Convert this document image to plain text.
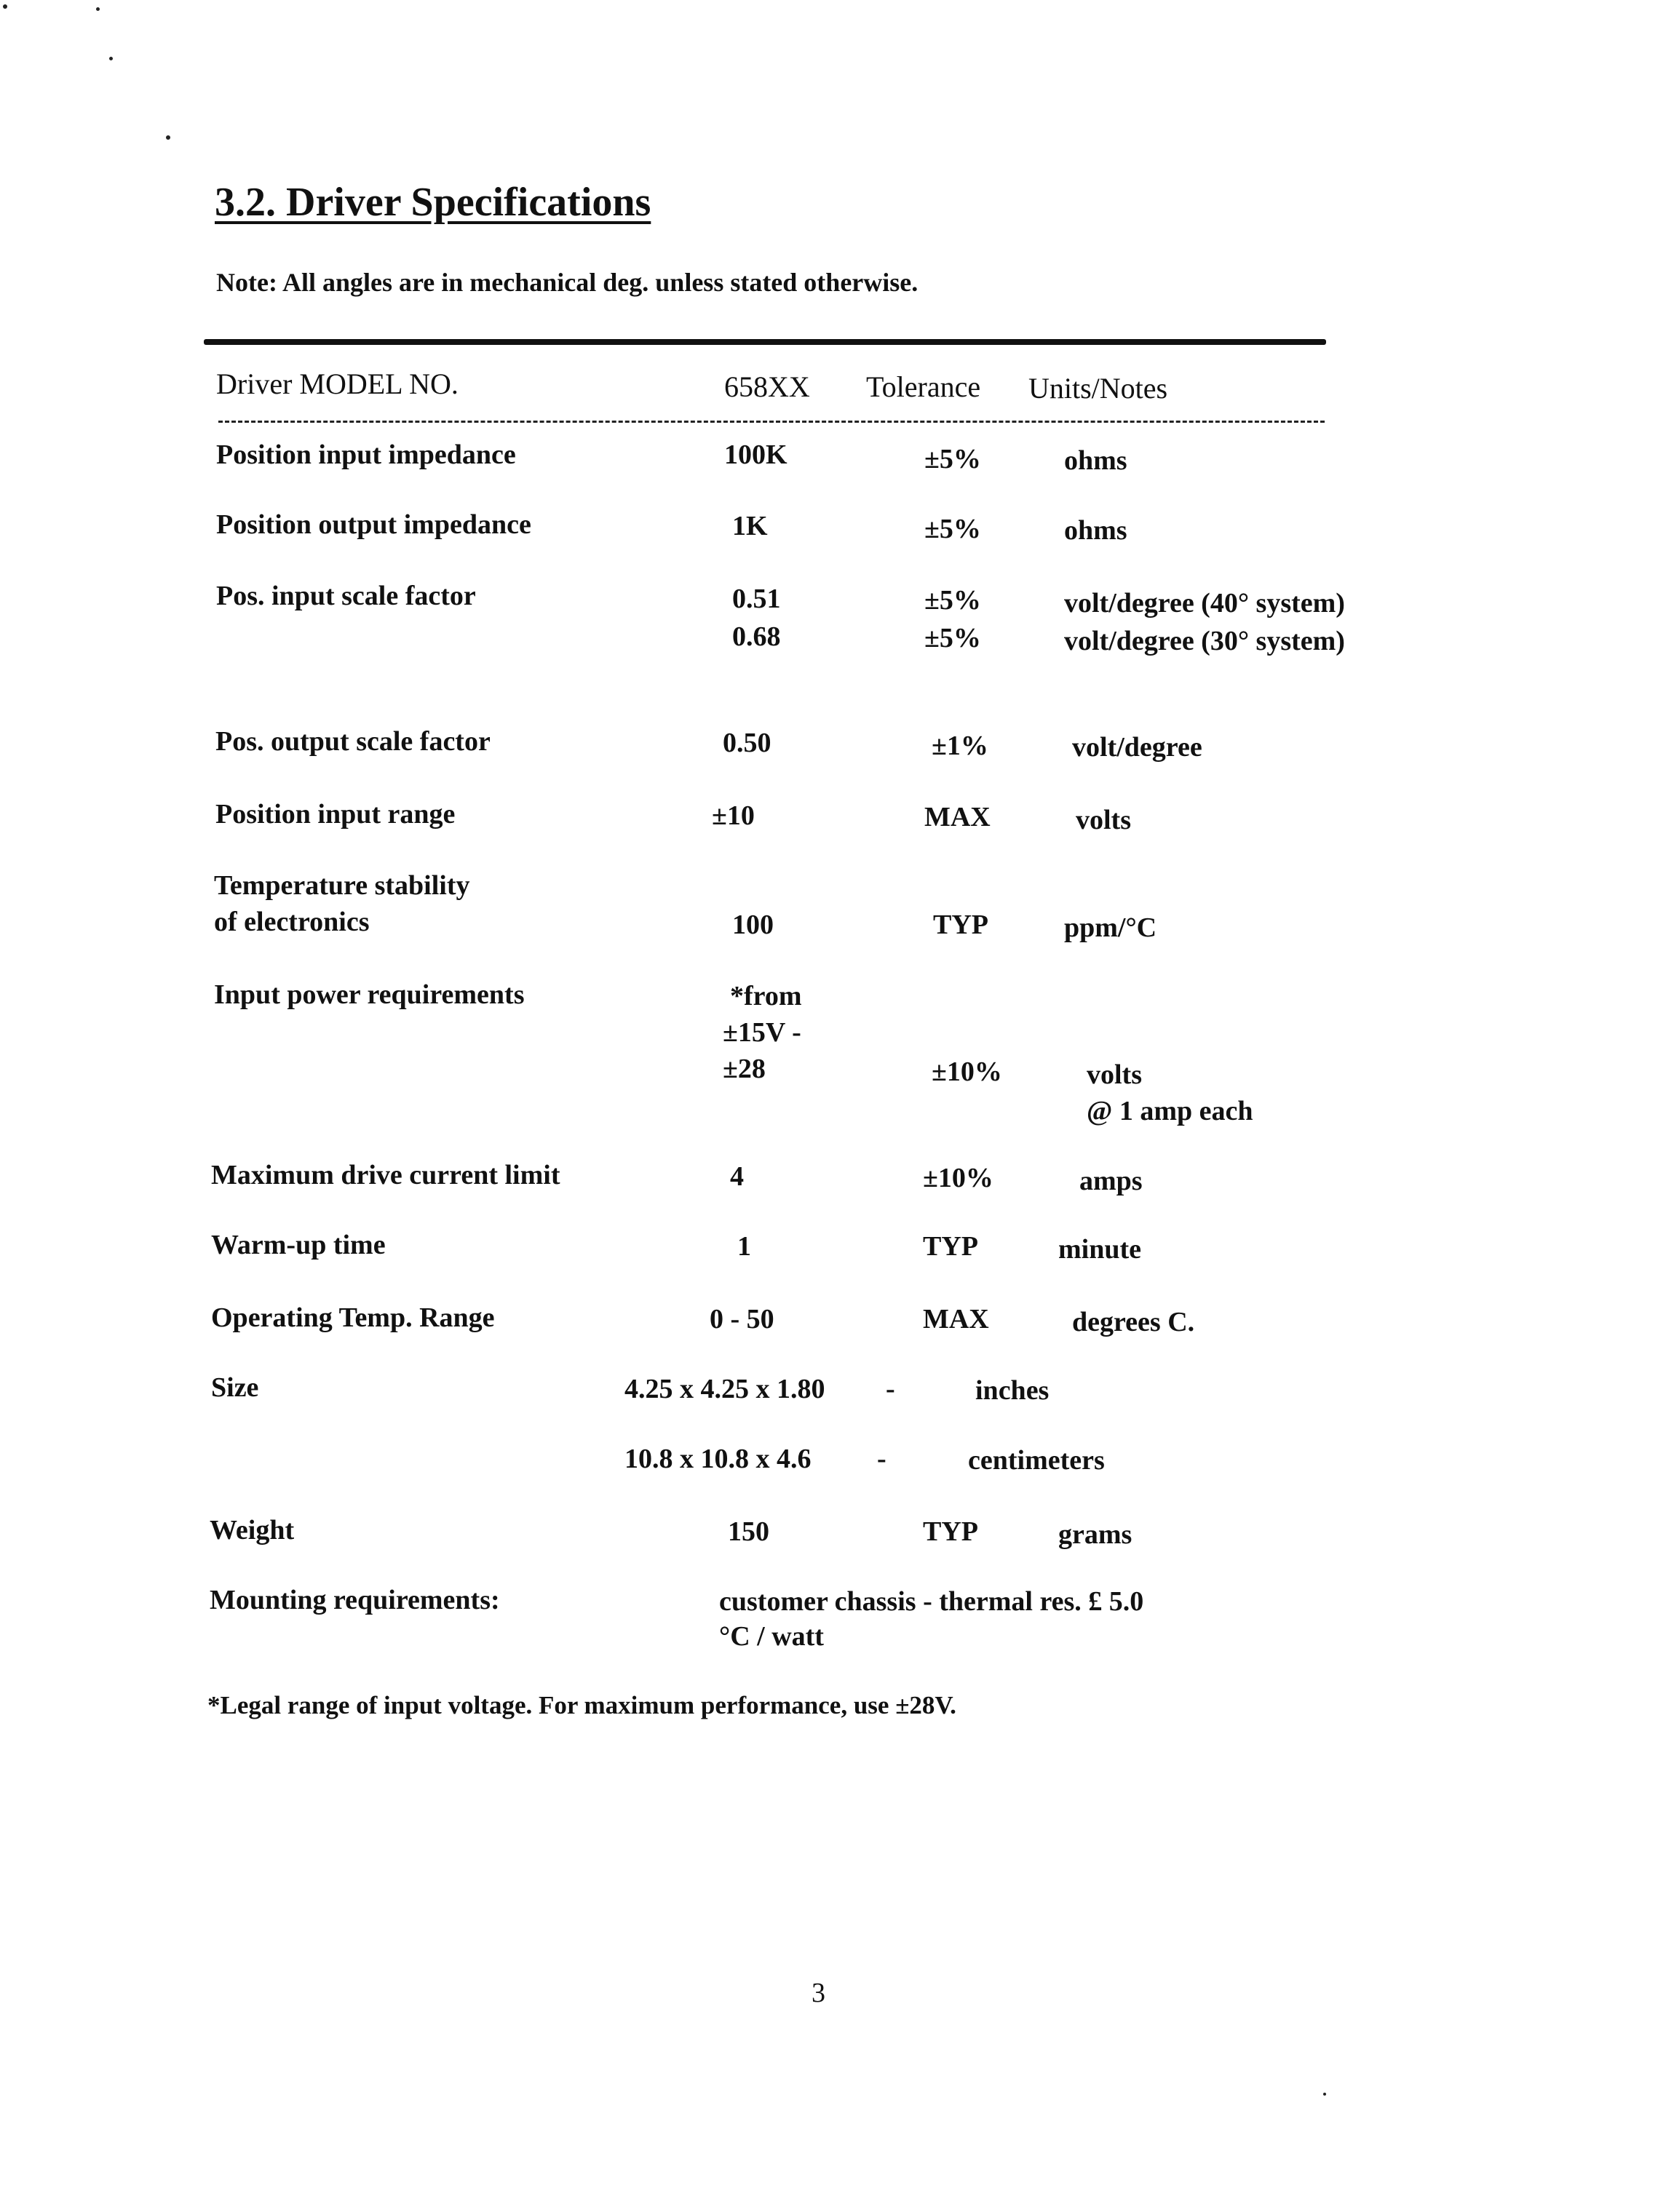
3.2. Driver Specifications
Note: All angles are in mechanical deg. unless stated otherwise.
Driver MODEL NO.	658XX Tolerance Units/Notes
Position input impedance	100K	±5%	ohms
Position output impedance	1K	±5%	ohms
Pos. input scale factor	0.51	±5%	volt/degree (40° system)
0.68	±5%	volt/degree (30° system)
Pos. output scale factor	0.50	±1%	volt/degree
Position input range	±10	MAX	volts
Temperature stability
of electronics	100	TYP	ppm/°C
Input power requirements	*from
±15V -
±28	±10%	volts
@ 1 amp each
Maximum drive current limit	4	±10%	amps
Warm-up time	1	TYP	minute
Operating Temp. Range	0 - 50	MAX	degrees C.
Size	4.25 x 4.25 x 1.80 -	inches
10.8 x 10.8 x 4.6 -	centimeters
Weight	150	TYP	grams
Mounting requirements:	customer chassis - thermal res. £ 5.0
°C / watt
*Legal range of input voltage. For maximum performance, use ±28V.
3
